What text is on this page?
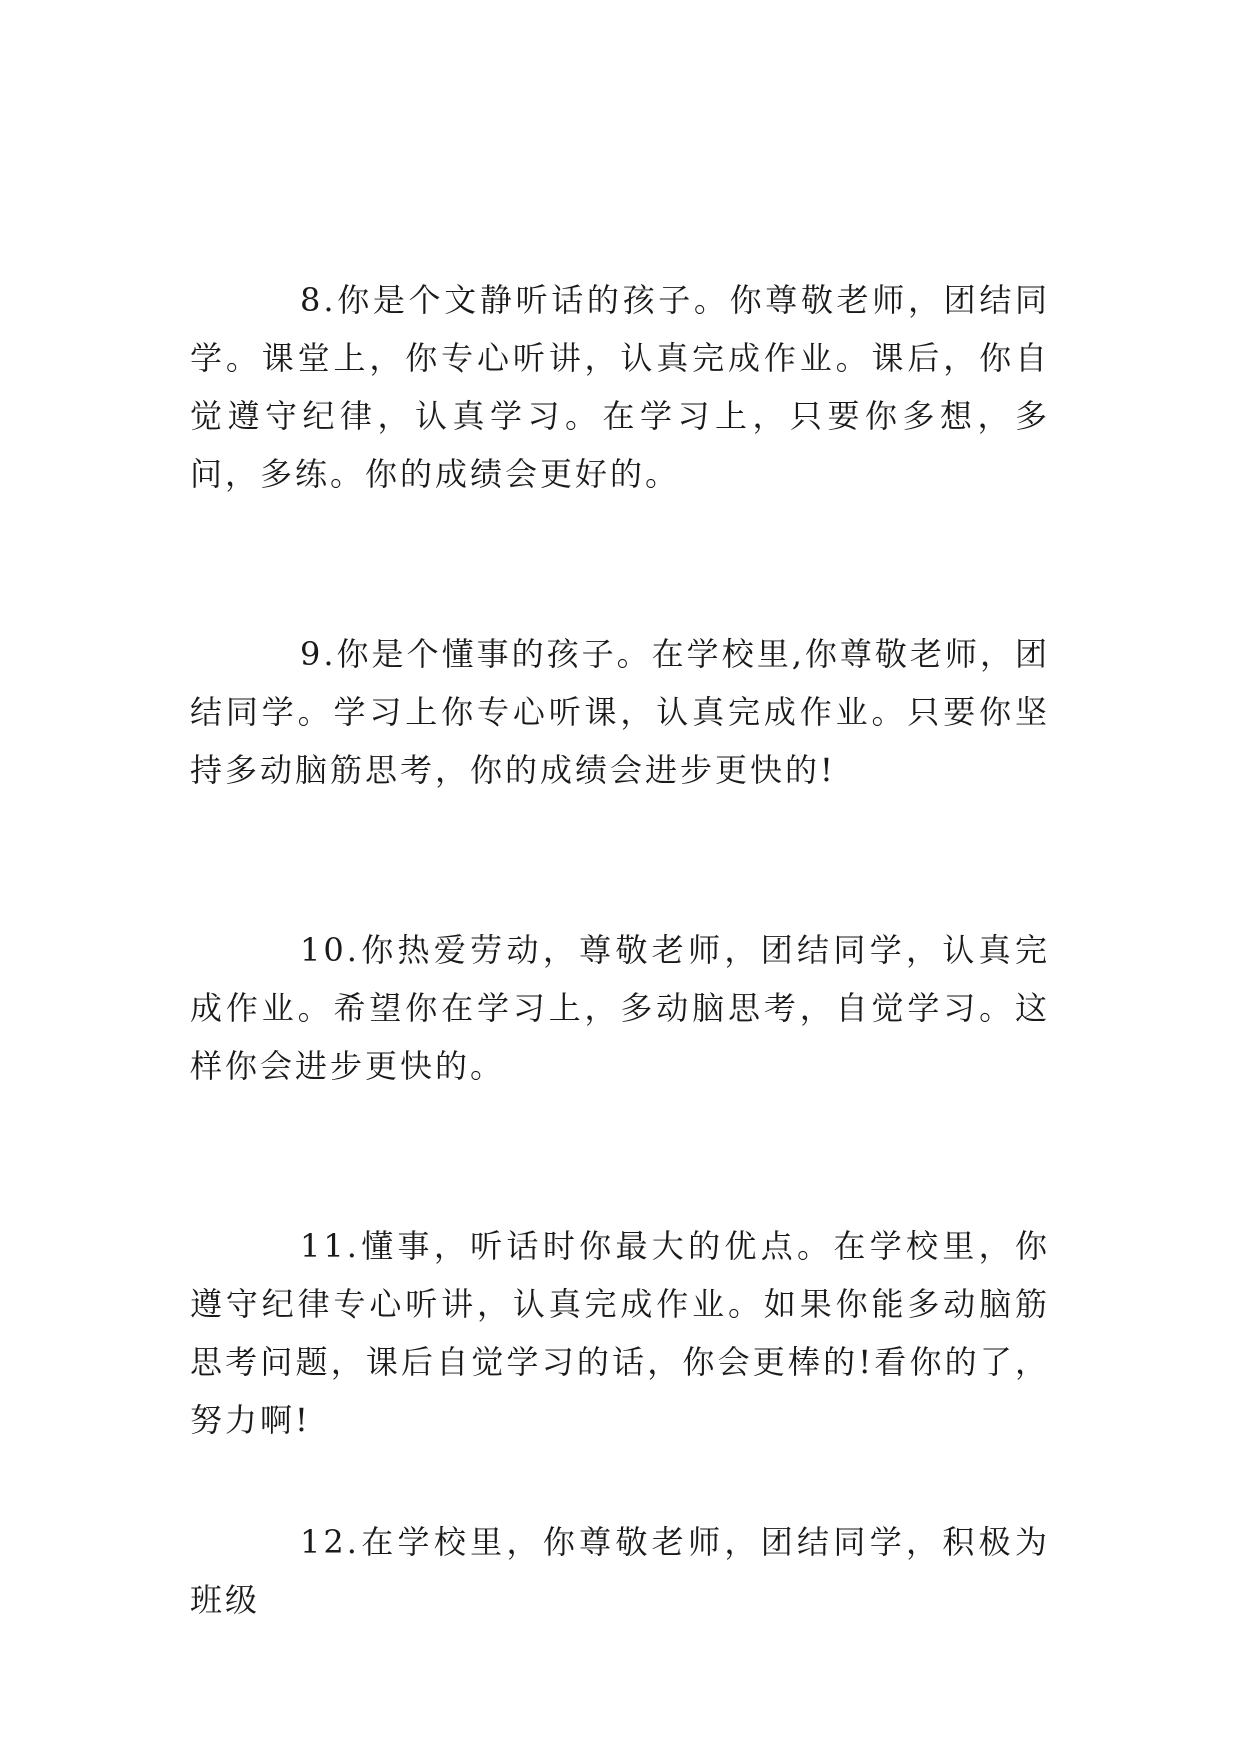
8.你是个文静听话的孩子。你尊敬老师，团结同学。课堂上，你专心听讲，认真完成作业。课后，你自觉遵守纪律，认真学习。在学习上，只要你多想，多问，多练。你的成绩会更好的。

9.你是个懂事的孩子。在学校里,你尊敬老师，团结同学。学习上你专心听课，认真完成作业。只要你坚持多动脑筋思考，你的成绩会进步更快的!

10.你热爱劳动，尊敬老师，团结同学，认真完成作业。希望你在学习上，多动脑思考，自觉学习。这样你会进步更快的。

11.懂事，听话时你最大的优点。在学校里，你遵守纪律专心听讲，认真完成作业。如果你能多动脑筋思考问题，课后自觉学习的话，你会更棒的!看你的了，努力啊!

12.在学校里，你尊敬老师，团结同学，积极为班级
